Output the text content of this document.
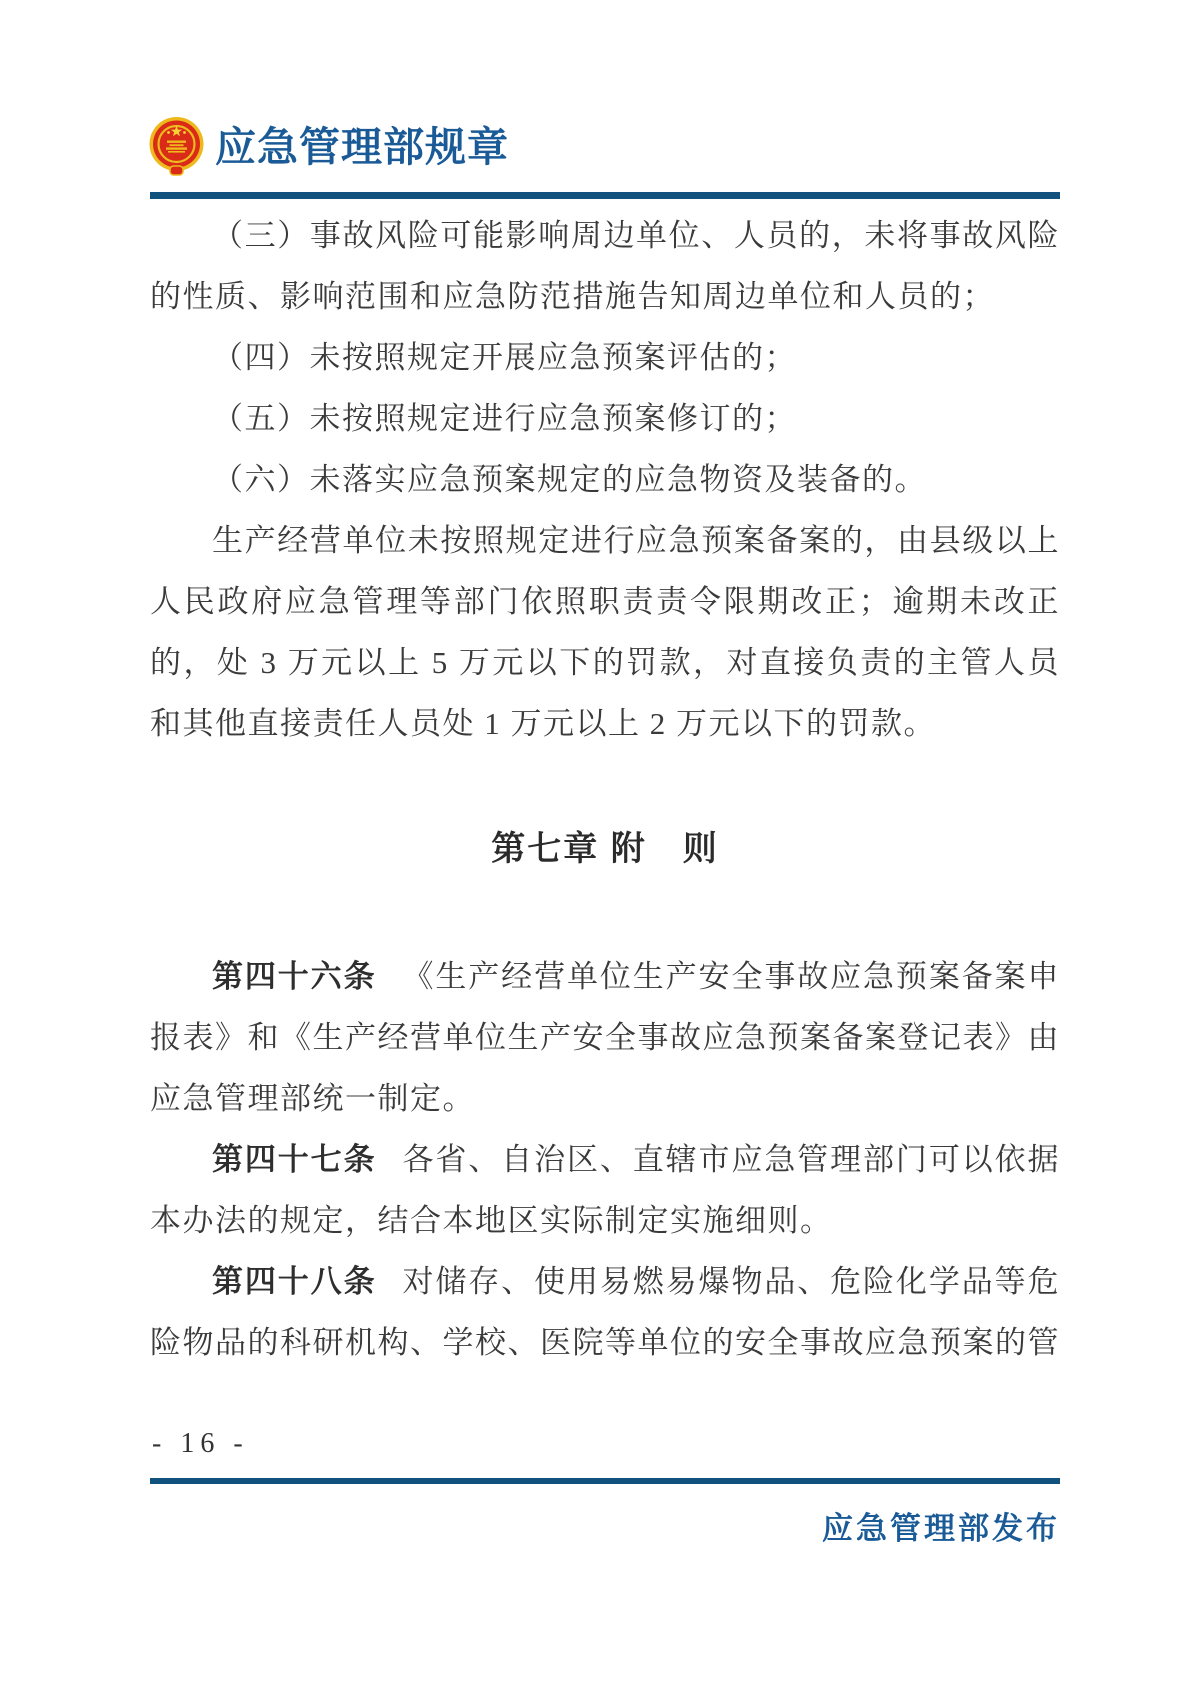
应急管理部规章

（三）事故风险可能影响周边单位、人员的，未将事故风险的性质、影响范围和应急防范措施告知周边单位和人员的；

（四）未按照规定开展应急预案评估的；

（五）未按照规定进行应急预案修订的；

（六）未落实应急预案规定的应急物资及装备的。

生产经营单位未按照规定进行应急预案备案的，由县级以上人民政府应急管理等部门依照职责责令限期改正；逾期未改正的，处 3 万元以上 5 万元以下的罚款，对直接负责的主管人员和其他直接责任人员处 1 万元以上 2 万元以下的罚款。

第七章 附　则

第四十六条 《生产经营单位生产安全事故应急预案备案申报表》和《生产经营单位生产安全事故应急预案备案登记表》由应急管理部统一制定。

第四十七条 各省、自治区、直辖市应急管理部门可以依据本办法的规定，结合本地区实际制定实施细则。

第四十八条 对储存、使用易燃易爆物品、危险化学品等危险物品的科研机构、学校、医院等单位的安全事故应急预案的管

- 16 -
应急管理部发布
